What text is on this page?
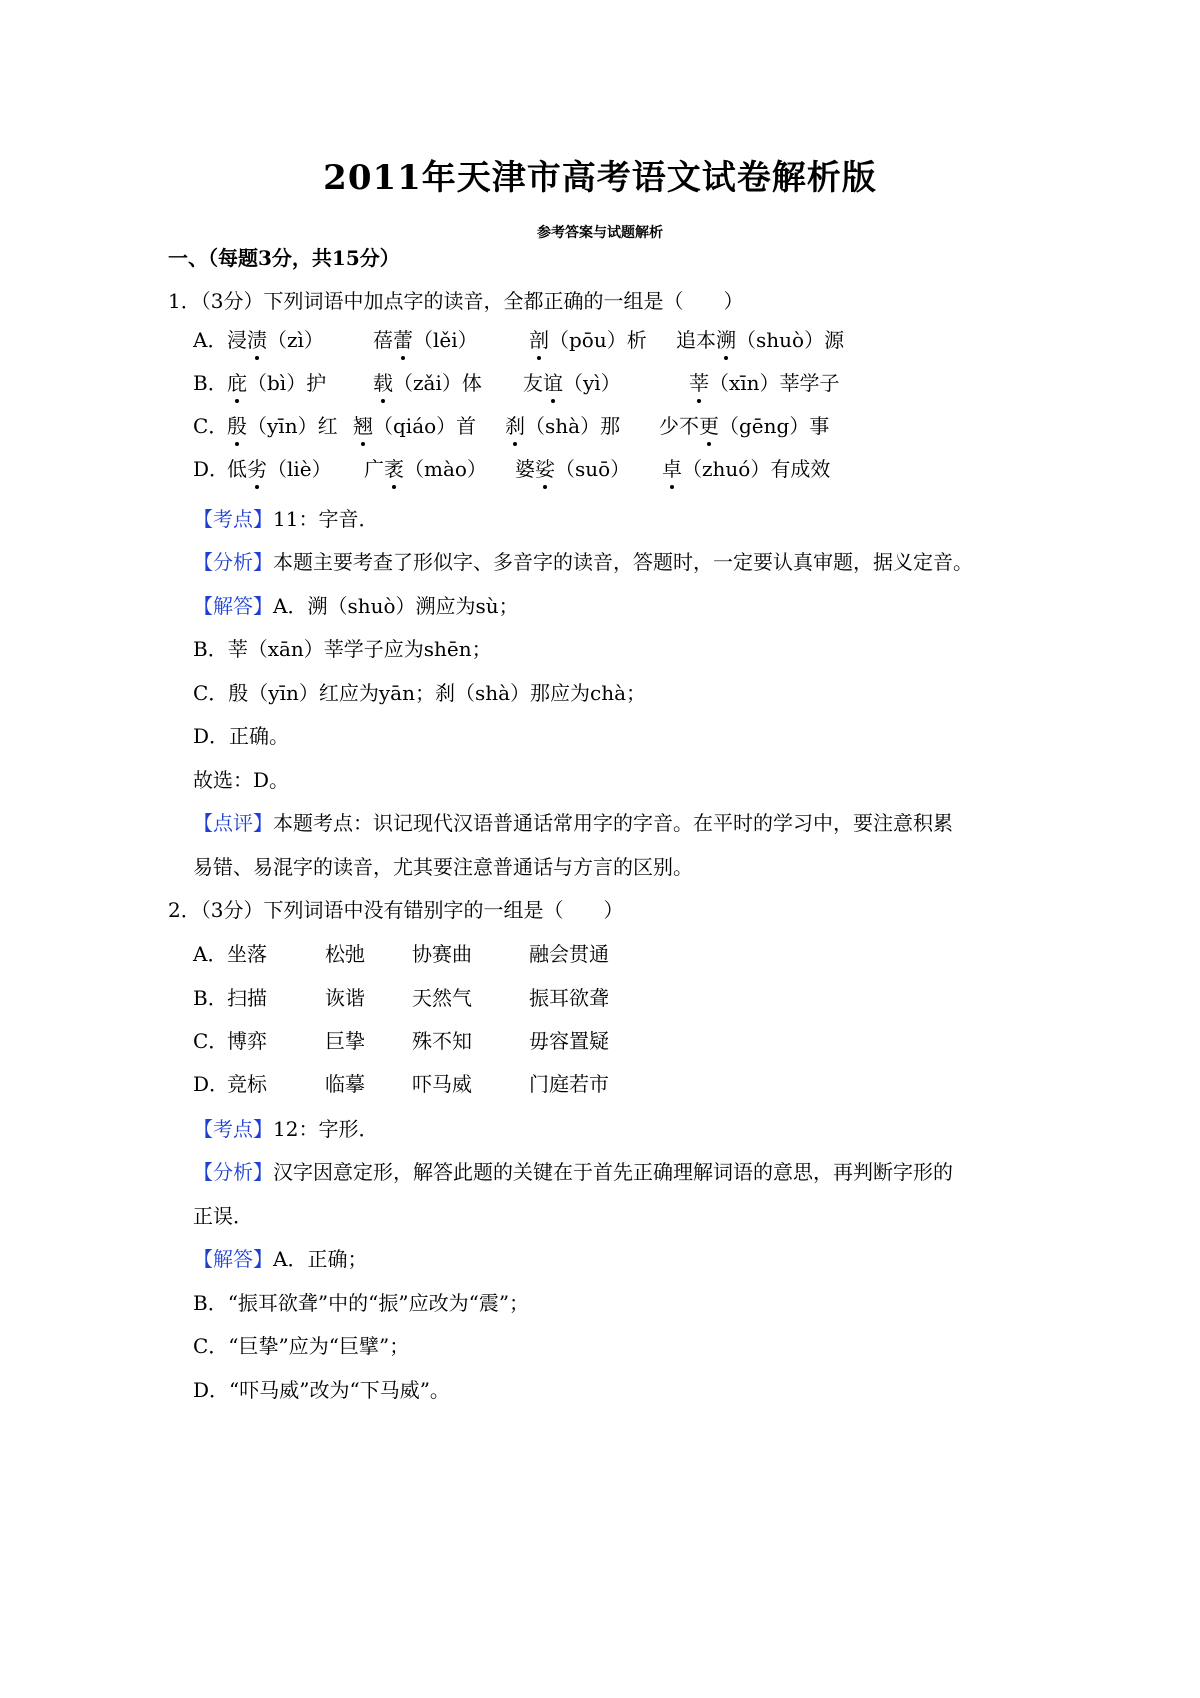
2011年天津市高考语文试卷解析版
参考答案与试题解析
一、（每题3分，共15分）
1．（3分）下列词语中加点字的读音，全都正确的一组是（　　）
A． 浸渍（zì） 蓓蕾（lěi）	剖（pōu）析 追本溯（shuò）源
B． 庇（bì）护 载（zǎi）体 友谊（yì）	莘（xīn）莘学子
C．
殷（yīn）红 翘（qiáo）首 刹（shà）那 少不更（gēng）事
D．
低劣（liè） 广袤（mào） 婆娑（suō） 卓（zhuó）有成效
【考点】11：字音．
【分析】本题主要考查了形似字、多音字的读音，答题时，一定要认真审题，据义定音。
【解答】A．溯（shuò）溯应为sù；
B．莘（xān）莘学子应为shēn；
C．殷（yīn）红应为yān；刹（shà）那应为chà；
D．正确。
故选：D。
【点评】本题考点：识记现代汉语普通话常用字的字音。在平时的学习中，要注意积累
易错、易混字的读音，尤其要注意普通话与方言的区别。
2．（3分）下列词语中没有错别字的一组是（　　）
A． 坐落	松弛 协赛曲	融会贯通
B． 扫描	诙谐 天然气	振耳欲聋
C．
博弈	巨挚 殊不知	毋容置疑
D．
竞标	临摹 吓马威	门庭若市
【考点】12：字形．
【分析】汉字因意定形，解答此题的关键在于首先正确理解词语的意思，再判断字形的
正误．
【解答】A．正确；
B．“振耳欲聋”中的“振”应改为“震”；
C．“巨挚”应为“巨擘”；
D．“吓马威”改为“下马威”。
